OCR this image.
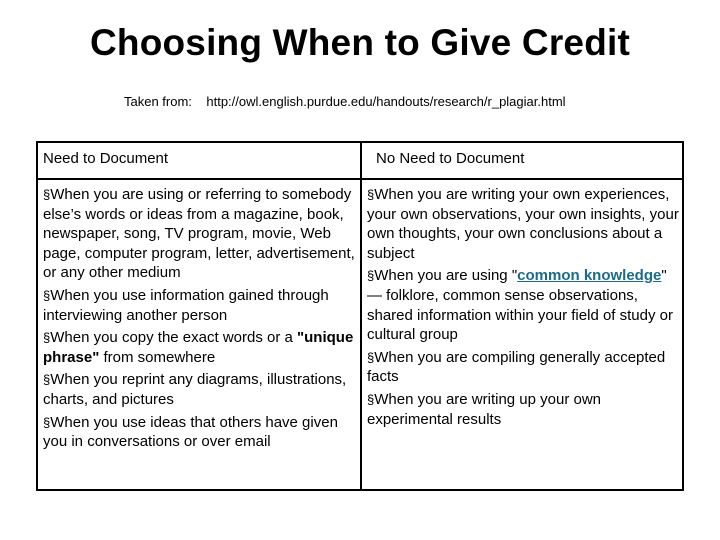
Choosing When to Give Credit
Taken from: http://owl.english.purdue.edu/handouts/research/r_plagiar.html
Need to Document	No Need to Document

§When you are using or referring to somebody else’s words or ideas from a magazine, book, newspaper, song, TV program, movie, Web page, computer program, letter, advertisement, or any other medium

§When you use information gained through interviewing another person

§When you copy the exact words or a "unique phrase" from somewhere

§When you reprint any diagrams, illustrations, charts, and pictures

§When you use ideas that others have given you in conversations or over email

§When you are writing your own experiences, your own observations, your own insights, your own thoughts, your own conclusions about a subject

§When you are using "common knowledge" — folklore, common sense observations, shared information within your field of study or cultural group

§When you are compiling generally accepted facts

§When you are writing up your own experimental results
